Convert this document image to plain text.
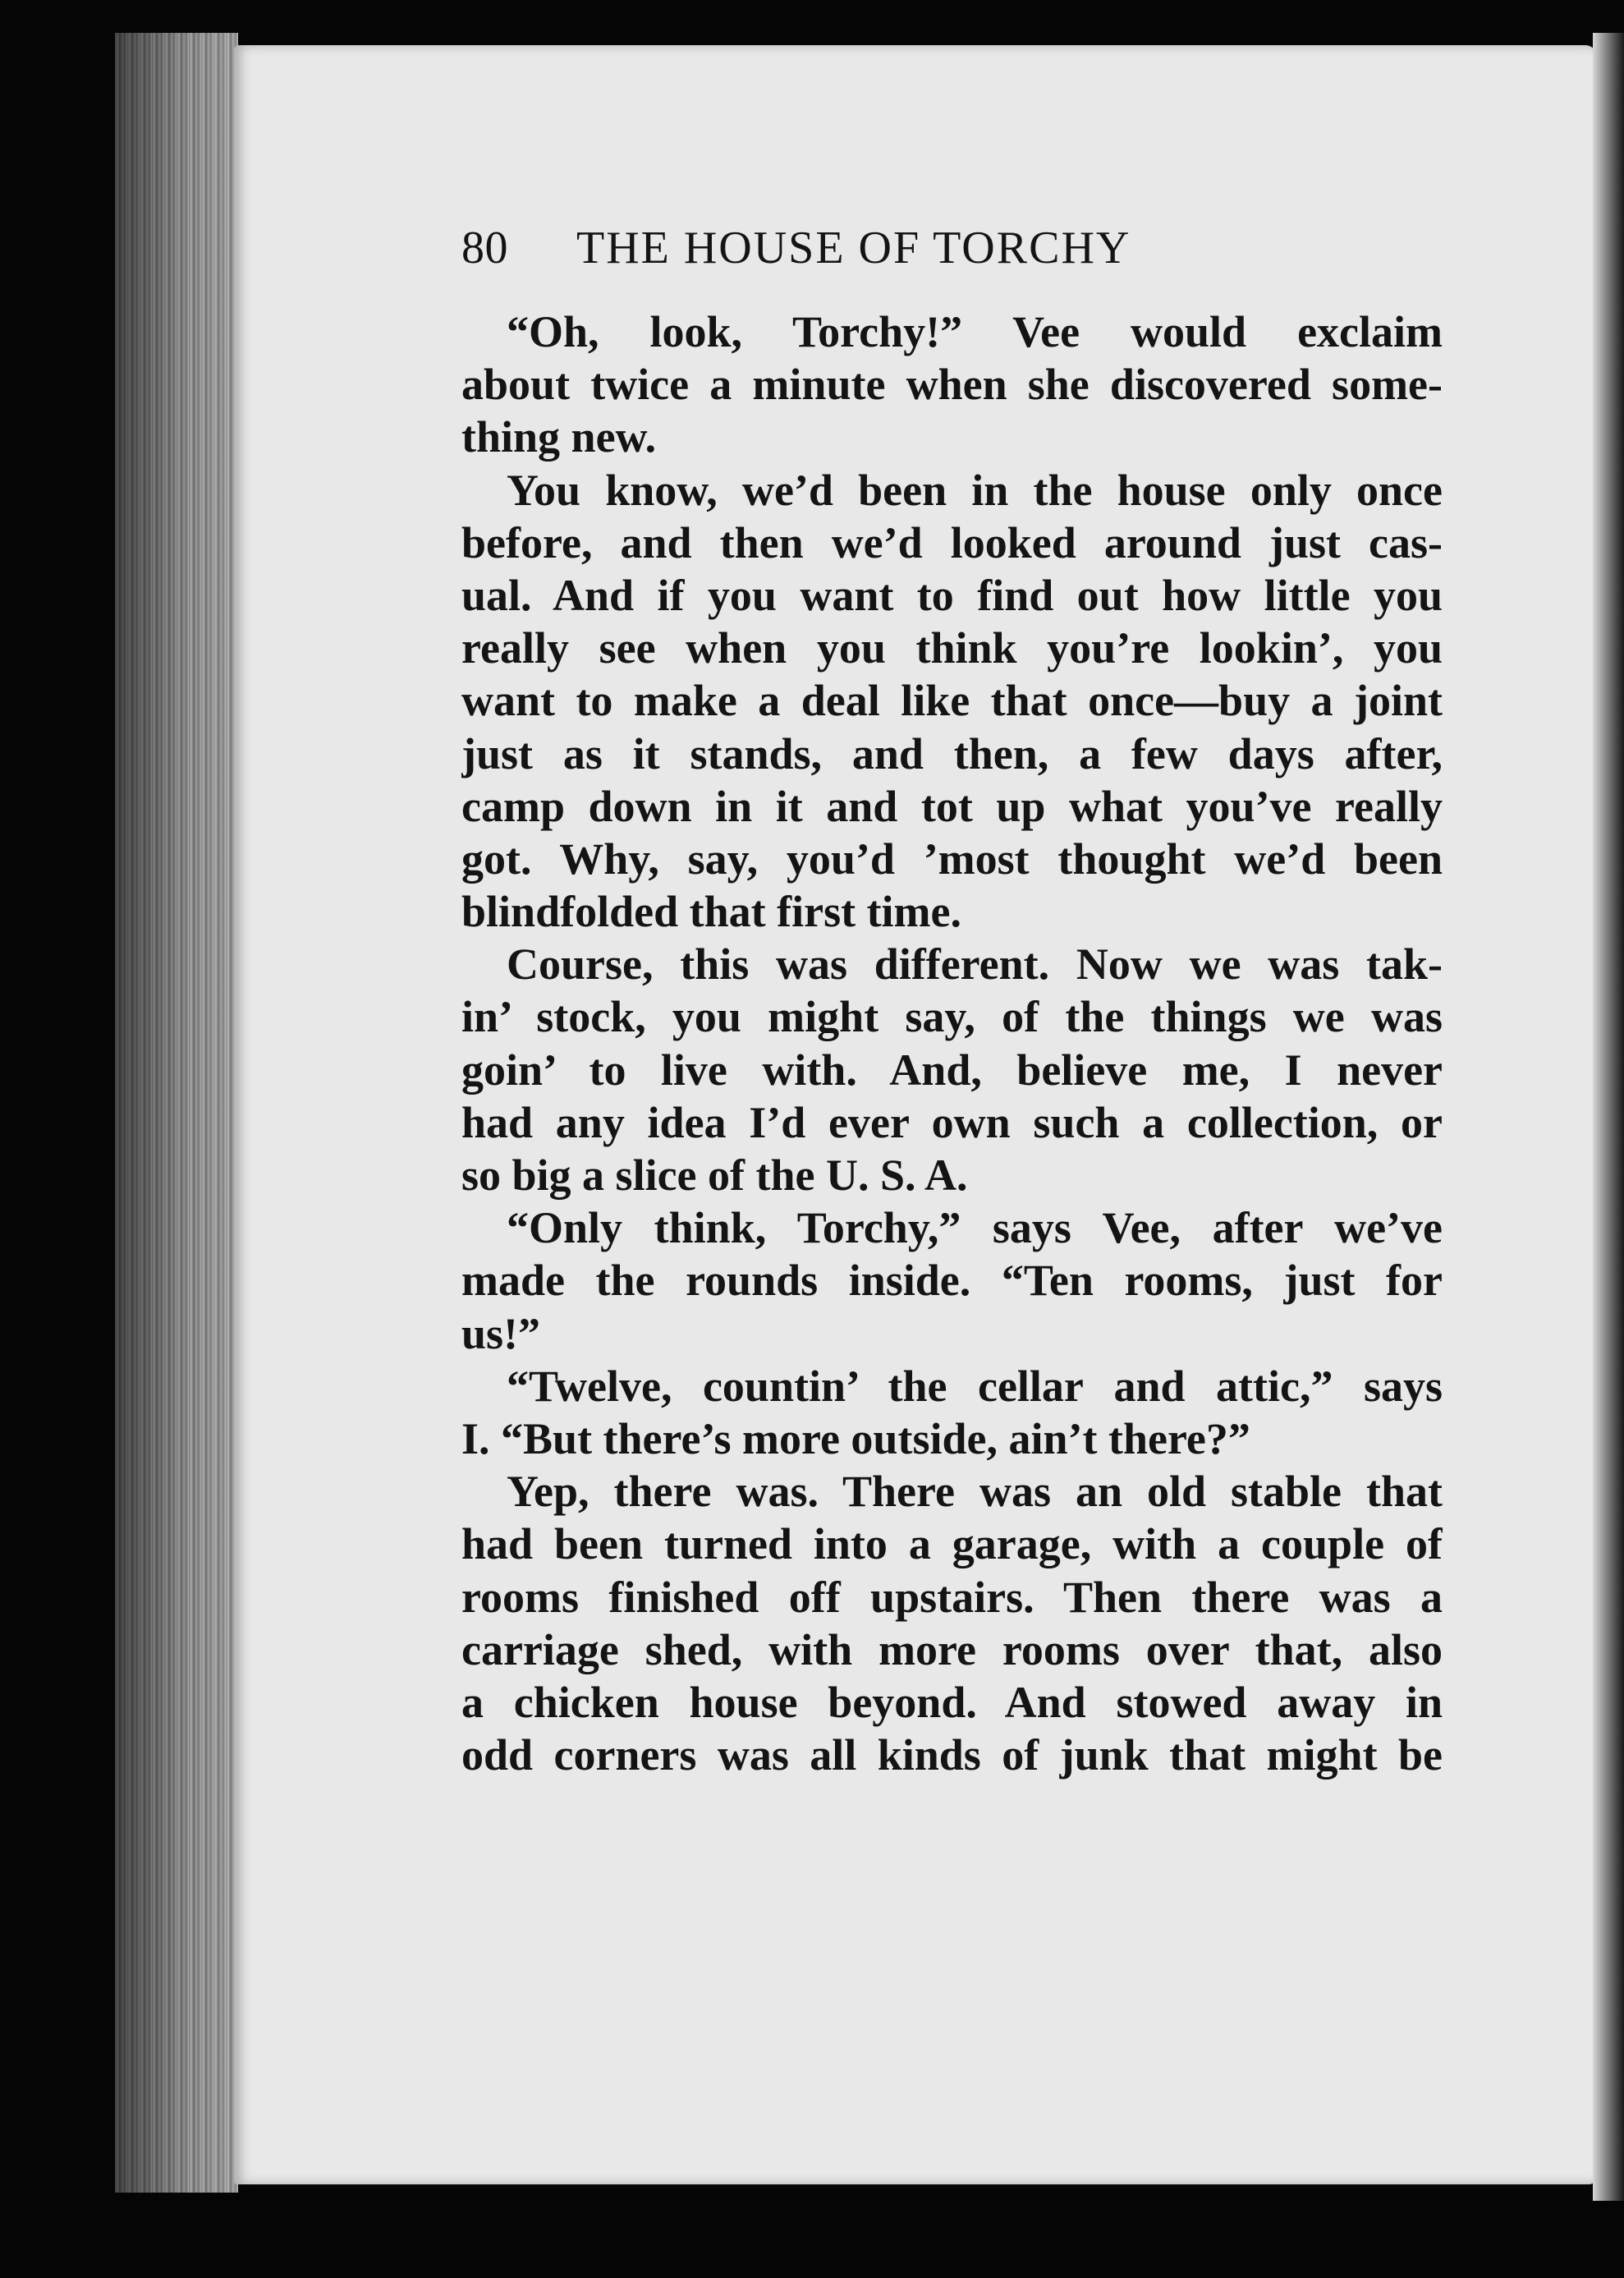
80	THE HOUSE OF TORCHY
“Oh, look, Torchy!” Vee would exclaim
about twice a minute when she discovered some-
thing new.
You know, we’d been in the house only once
before, and then we’d looked around just cas-
ual. And if you want to find out how little you
really see when you think you’re lookin’, you
want to make a deal like that once—buy a joint
just as it stands, and then, a few days after,
camp down in it and tot up what you’ve really
got. Why, say, you’d ’most thought we’d been
blindfolded that first time.
Course, this was different. Now we was tak-
in’ stock, you might say, of the things we was
goin’ to live with. And, believe me, I never
had any idea I’d ever own such a collection, or
so big a slice of the U. S. A.
“Only think, Torchy,” says Vee, after we’ve
made the rounds inside. “Ten rooms, just for
us!”
“Twelve, countin’ the cellar and attic,” says
I. “But there’s more outside, ain’t there?”
Yep, there was. There was an old stable that
had been turned into a garage, with a couple of
rooms finished off upstairs. Then there was a
carriage shed, with more rooms over that, also
a chicken house beyond. And stowed away in
odd corners was all kinds of junk that might be
